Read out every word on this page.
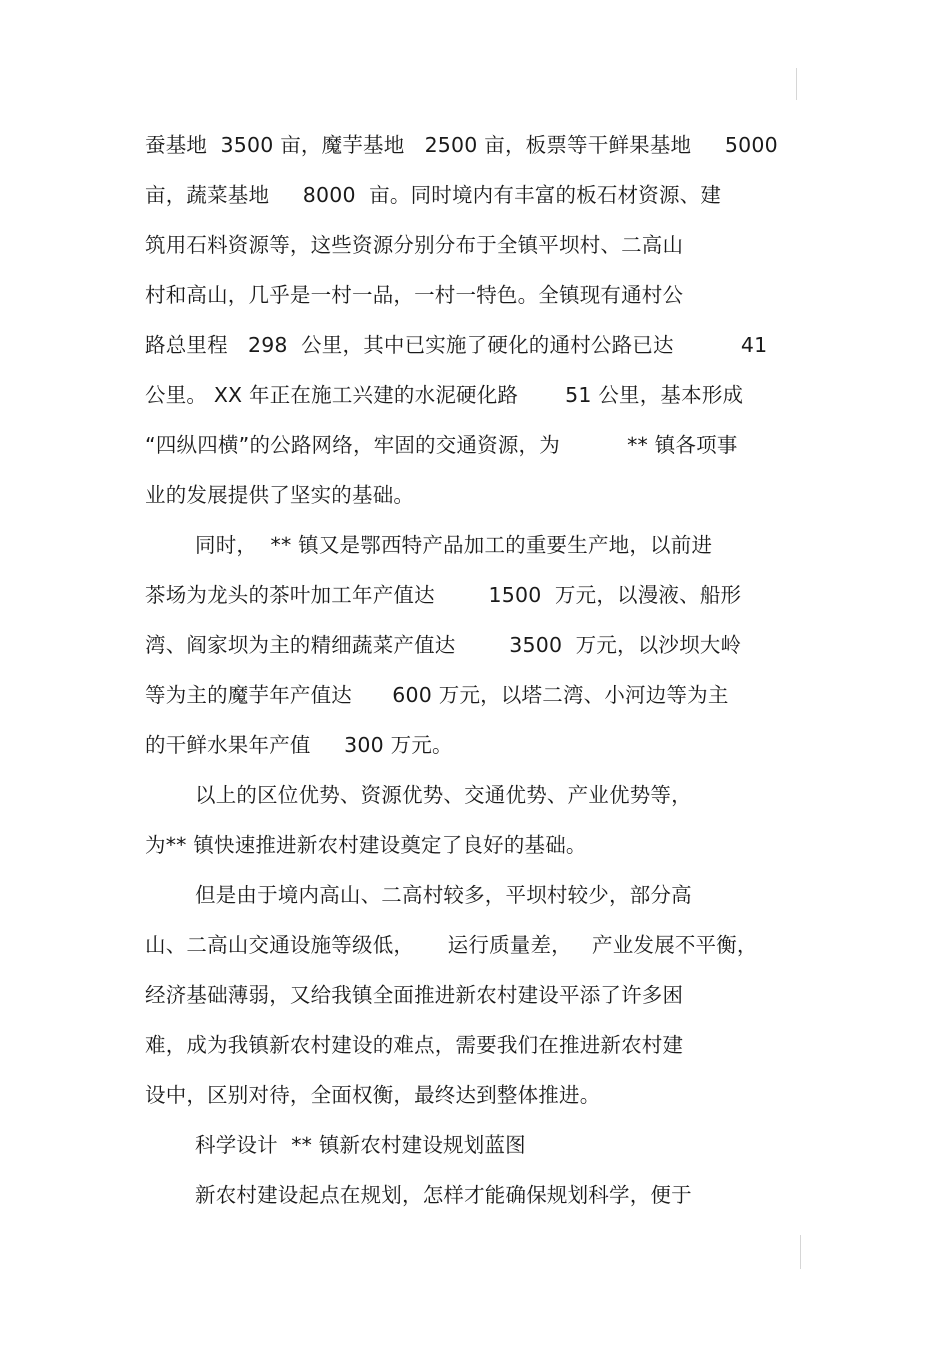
蚕基地  3500 亩，魔芋基地   2500 亩，板票等干鲜果基地     5000
亩，蔬菜基地     8000  亩。同时境内有丰富的板石材资源、建
筑用石料资源等，这些资源分别分布于全镇平坝村、二高山
村和高山，几乎是一村一品，一村一特色。全镇现有通村公
路总里程   298  公里，其中已实施了硬化的通村公路已达          41
公里。 XX 年正在施工兴建的水泥硬化路       51 公里，基本形成
“四纵四横”的公路网络，牢固的交通资源，为          ** 镇各项事
业的发展提供了坚实的基础。
同时，  ** 镇又是鄂西特产品加工的重要生产地，以前进
茶场为龙头的茶叶加工年产值达        1500  万元，以漫液、船形
湾、阎家坝为主的精细蔬菜产值达        3500  万元，以沙坝大岭
等为主的魔芋年产值达      600 万元，以塔二湾、小河边等为主
的干鲜水果年产值     300 万元。
以上的区位优势、资源优势、交通优势、产业优势等，
为** 镇快速推进新农村建设奠定了良好的基础。
但是由于境内高山、二高村较多，平坝村较少，部分高
山、二高山交通设施等级低，     运行质量差，   产业发展不平衡，
经济基础薄弱，又给我镇全面推进新农村建设平添了许多困
难，成为我镇新农村建设的难点，需要我们在推进新农村建
设中，区别对待，全面权衡，最终达到整体推进。
科学设计  ** 镇新农村建设规划蓝图
新农村建设起点在规划，怎样才能确保规划科学，便于
